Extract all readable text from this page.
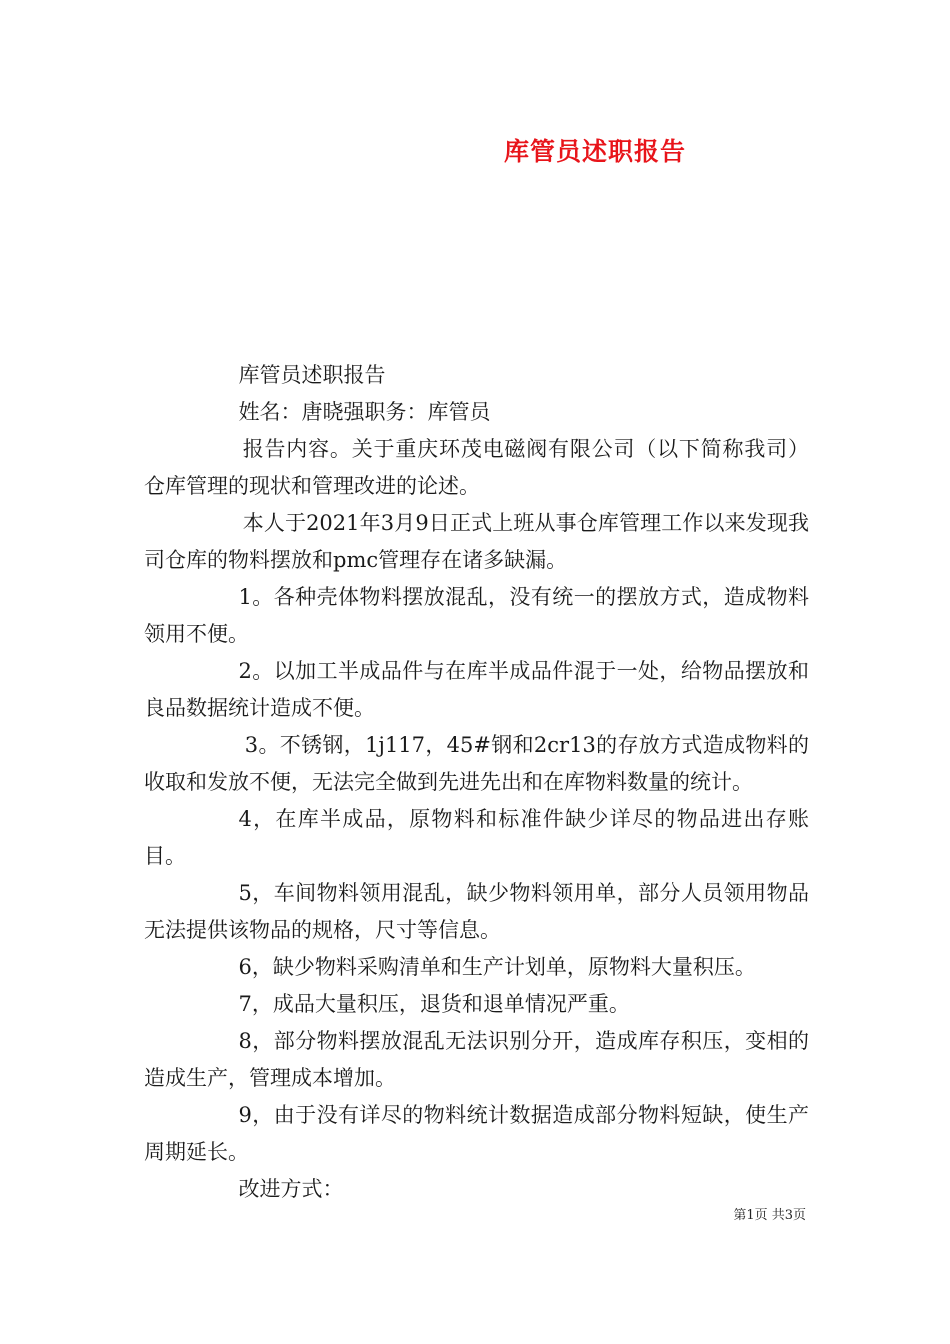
库管员述职报告

库管员述职报告

姓名：唐晓强职务：库管员

报告内容。关于重庆环茂电磁阀有限公司（以下简称我司）仓库管理的现状和管理改进的论述。

本人于2021年3月9日正式上班从事仓库管理工作以来发现我司仓库的物料摆放和pmc管理存在诸多缺漏。

1。各种壳体物料摆放混乱，没有统一的摆放方式，造成物料领用不便。

2。以加工半成品件与在库半成品件混于一处，给物品摆放和良品数据统计造成不便。

3。不锈钢，1j117，45#钢和2cr13的存放方式造成物料的收取和发放不便，无法完全做到先进先出和在库物料数量的统计。

4，在库半成品，原物料和标准件缺少详尽的物品进出存账目。

5，车间物料领用混乱，缺少物料领用单，部分人员领用物品无法提供该物品的规格，尺寸等信息。

6，缺少物料采购清单和生产计划单，原物料大量积压。

7，成品大量积压，退货和退单情况严重。

8，部分物料摆放混乱无法识别分开，造成库存积压，变相的造成生产，管理成本增加。

9，由于没有详尽的物料统计数据造成部分物料短缺，使生产周期延长。

改进方式：

第1页 共3页
